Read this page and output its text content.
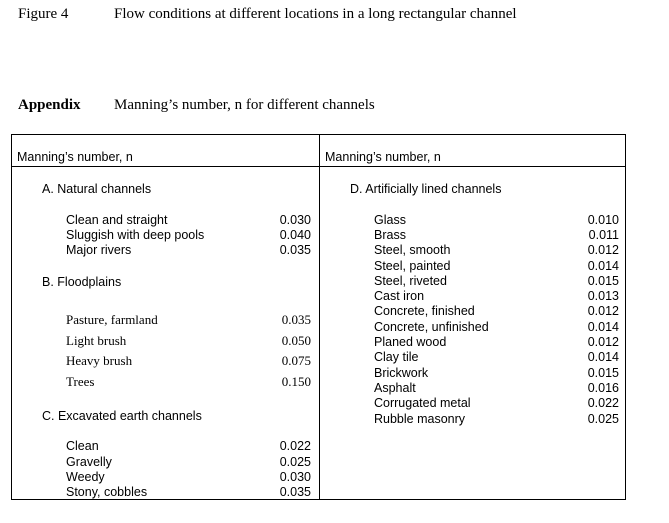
Figure 4	Flow conditions at different locations in a long rectangular channel
Appendix Manning’s number, n for different channels
Manning’s number, n	Manning’s number, n
A. Natural channels
Clean and straight	0.030
Sluggish with deep pools	0.040
Major rivers	0.035
B. Floodplains
Pasture, farmland	0.035
Light brush	0.050
Heavy brush	0.075
Trees	0.150
C. Excavated earth channels
Clean	0.022
Gravelly	0.025
Weedy	0.030
Stony, cobbles	0.035
D. Artificially lined channels
Glass	0.010
Brass	0.011
Steel, smooth	0.012
Steel, painted	0.014
Steel, riveted	0.015
Cast iron	0.013
Concrete, finished	0.012
Concrete, unfinished	0.014
Planed wood	0.012
Clay tile	0.014
Brickwork	0.015
Asphalt	0.016
Corrugated metal	0.022
Rubble masonry	0.025
